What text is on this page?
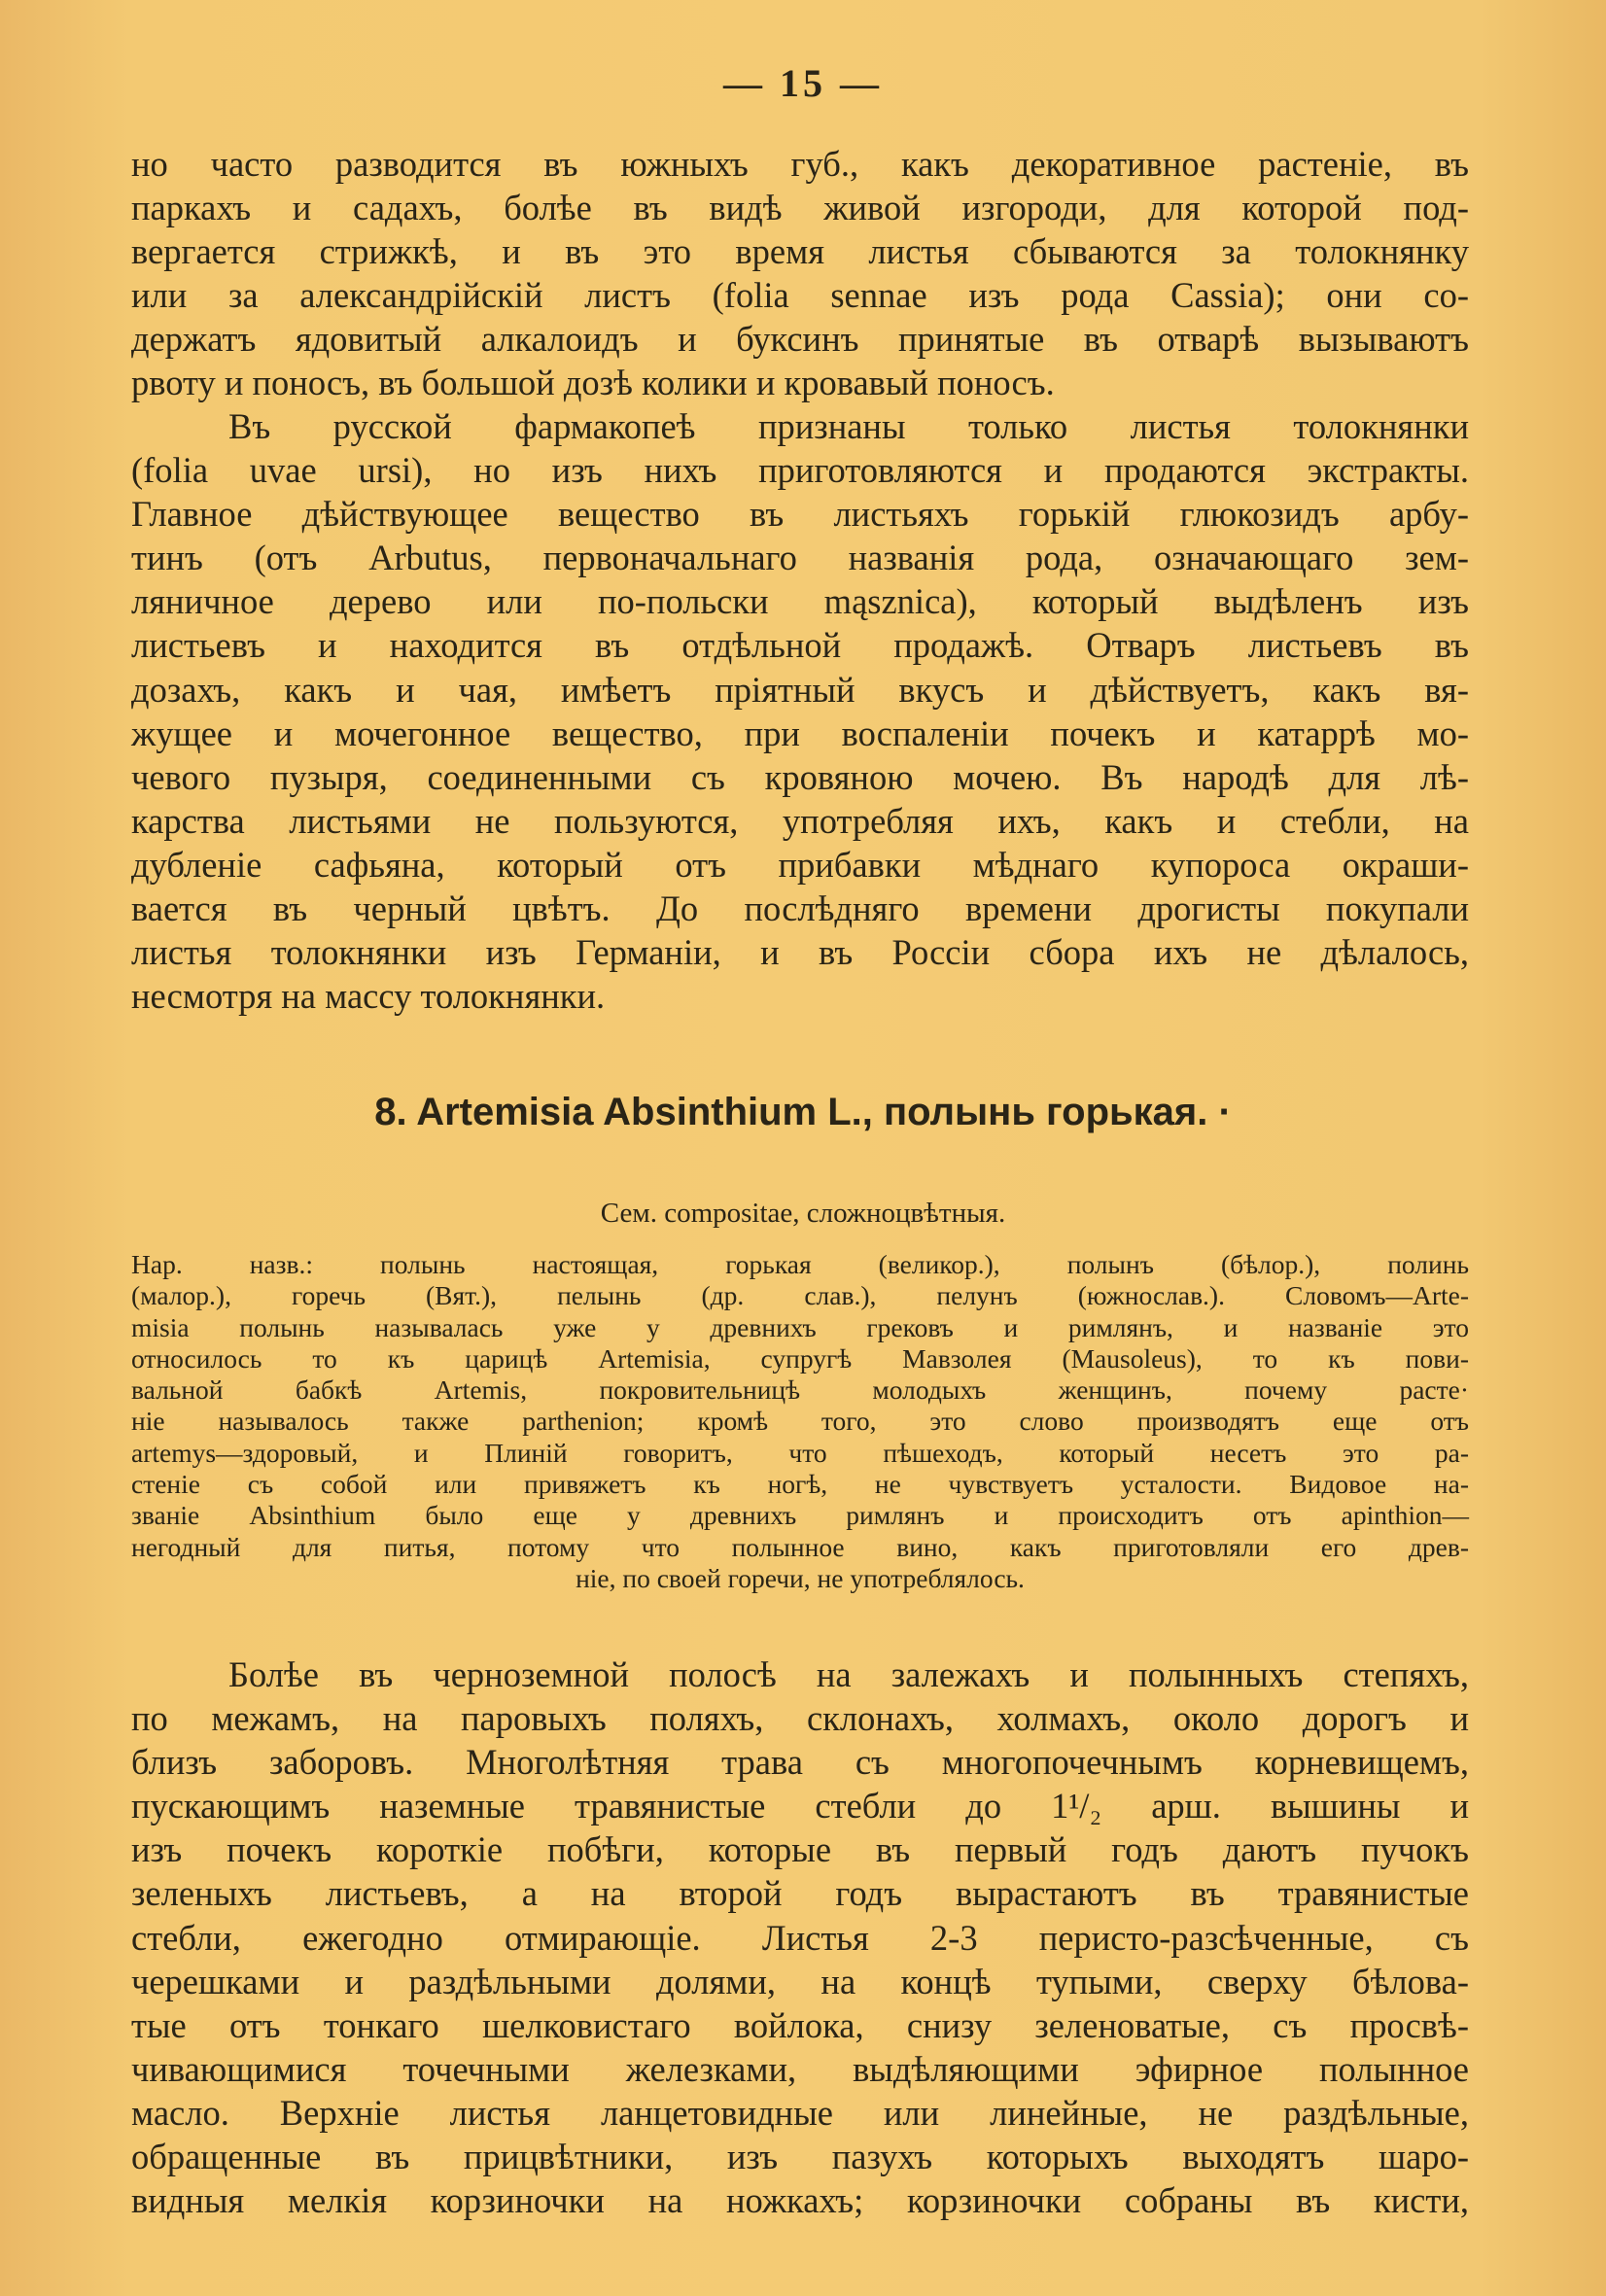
— 15 —

но часто разводится въ южныхъ губ., какъ декоративное растенiе, въ

паркахъ и садахъ, болѣе въ видѣ живой изгороди, для которой под-

вергается стрижкѣ, и въ это время листья сбываются за толокнянку

или за александрiйскiй листъ (folia sennae изъ рода Cassia); они со-

держатъ ядовитый алкалоидъ и буксинъ принятые въ отварѣ вызываютъ

рвоту и поносъ, въ большой дозѣ колики и кровавый поносъ.

Въ русской фармакопеѣ признаны только листья толокнянки

(folia uvae ursi), но изъ нихъ приготовляются и продаются экстракты.

Главное дѣйствующее вещество въ листьяхъ горькiй глюкозидъ арбу-

тинъ (отъ Arbutus, первоначальнаго названiя рода, означающаго зем-

ляничное дерево или по-польски mąszniсa), который выдѣленъ изъ

листьевъ и находится въ отдѣльной продажѣ. Отваръ листьевъ въ

дозахъ, какъ и чая, имѣетъ прiятный вкусъ и дѣйствуетъ, какъ вя-

жущее и мочегонное вещество, при воспаленiи почекъ и катаррѣ мо-

чевого пузыря, соединенными съ кровяною мочею. Въ народѣ для лѣ-

карства листьями не пользуются, употребляя ихъ, какъ и стебли, на

дубленiе сафьяна, который отъ прибавки мѣднаго купороса окраши-

вается въ черный цвѣтъ. До послѣдняго времени дрогисты покупали

листья толокнянки изъ Германiи, и въ Россiи сбора ихъ не дѣлалось,

несмотря на массу толокнянки.

8. Artemisia Absinthium L., полынь горькая. ·
Сем. compositae, сложноцвѣтныя.

Нар. назв.: полынь настоящая, горькая (великор.), полынъ (бѣлор.), полинь

(малор.), горечь (Вят.), пелынь (др. слав.), пелунъ (южнослав.). Словомъ—Arte-

misia полынь называлась уже у древнихъ грековъ и римлянъ, и названiе это

относилось то къ царицѣ Artemisia, супругѣ Мавзолея (Mausoleus), то къ пови-

вальной бабкѣ Artemis, покровительницѣ молодыхъ женщинъ, почему расте·

нiе называлось также parthenion; кромѣ того, это слово производятъ еще отъ

artemys—здоровый, и Плинiй говоритъ, что пѣшеходъ, который несетъ это ра-

стенiе съ собой или привяжетъ къ ногѣ, не чувствуетъ усталости. Видовое на-

званiе Absinthium было еще у древнихъ римлянъ и происходитъ отъ apinthion—

негодный для питья, потому что полынное вино, какъ приготовляли его древ-

нiе, по своей горечи, не употреблялось.

Болѣе въ черноземной полосѣ на залежахъ и полынныхъ степяхъ,

по межамъ, на паровыхъ поляхъ, склонахъ, холмахъ, около дорогъ и

близъ заборовъ. Многолѣтняя трава съ многопочечнымъ корневищемъ,

пускающимъ наземные травянистые стебли до 1¹/₂ арш. вышины и

изъ почекъ короткiе побѣги, которые въ первый годъ даютъ пучокъ

зеленыхъ листьевъ, а на второй годъ вырастаютъ въ травянистые

стебли, ежегодно отмирающiе. Листья 2-3 перисто-разсѣченные, съ

черешками и раздѣльными долями, на концѣ тупыми, сверху бѣлова-

тые отъ тонкаго шелковистаго войлока, снизу зеленоватые, съ просвѣ-

чивающимися точечными железками, выдѣляющими эфирное полынное

масло. Верхнiе листья ланцетовидные или линейные, не раздѣльные,

обращенные въ прицвѣтники, изъ пазухъ которыхъ выходятъ шаро-

видныя мелкiя корзиночки на ножкахъ; корзиночки собраны въ кисти,
